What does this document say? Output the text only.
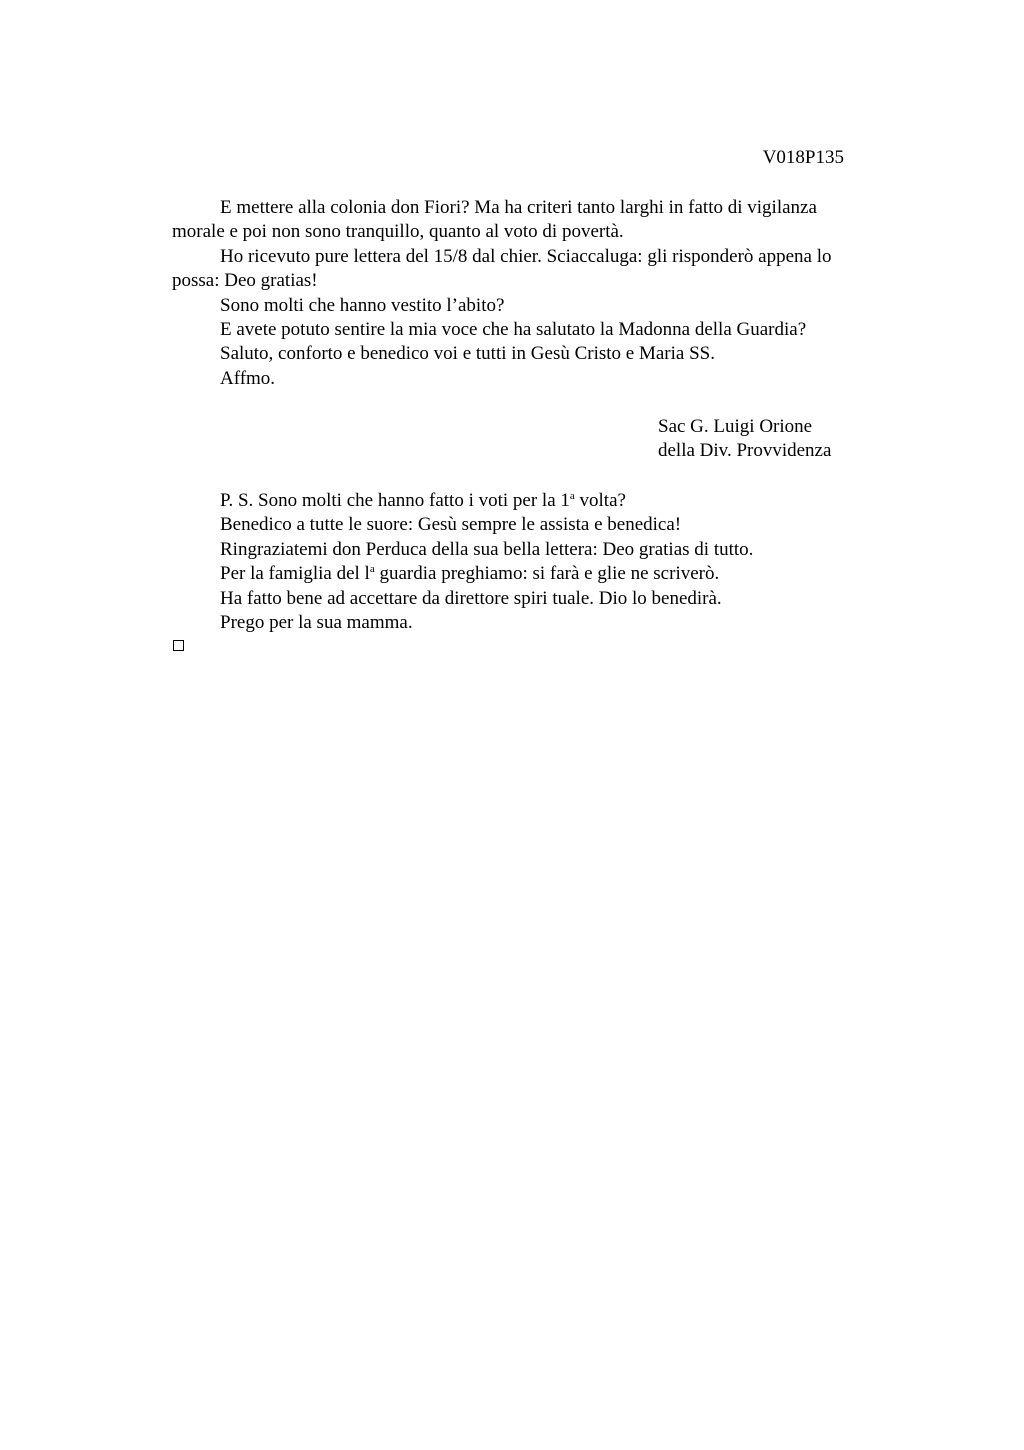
V018P135

E mettere alla colonia don Fiori? Ma ha criteri tanto larghi in fatto di vigilanza morale e poi non sono tranquillo, quanto al voto di povertà.

Ho ricevuto pure lettera del 15/8 dal chier. Sciaccaluga: gli risponderò appena lo possa: Deo gratias!

Sono molti che hanno vestito l’abito?

E avete potuto sentire la mia voce che ha salutato la Madonna della Guardia?

Saluto, conforto e benedico voi e tutti in Gesù Cristo e Maria SS.

Affmo.

Sac G. Luigi Orione
della Div. Provvidenza

P. S. Sono molti che hanno fatto i voti per la 1$^a$ volta?

Benedico a tutte le suore: Gesù sempre le assista e benedica!

Ringraziatemi don Perduca della sua bella lettera: Deo gratias di tutto.

Per la famiglia del $l^a$ guardia preghiamo: si farà e glie ne scriverò.

Ha fatto bene ad accettare da direttore spiri tuale. Dio lo benedirà.

Prego per la sua mamma.
